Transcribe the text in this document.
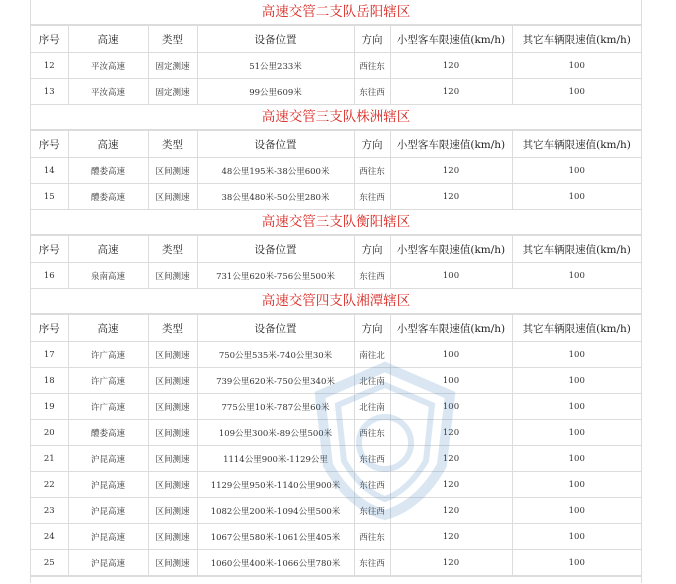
高速交管二支队岳阳辖区
序号	高速	类型	设备位置	方向	小型客车限速值(km/h)	其它车辆限速值(km/h)
12	平汝高速	固定测速	51公里233米	西往东	120	100
13	平汝高速	固定测速	99公里609米	东往西	120	100
高速交管三支队株洲辖区
序号	高速	类型	设备位置	方向	小型客车限速值(km/h)	其它车辆限速值(km/h)
14	醴娄高速	区间测速	48公里195米-38公里600米	西往东	120	100
15	醴娄高速	区间测速	38公里480米-50公里280米	东往西	120	100
高速交管三支队衡阳辖区
序号	高速	类型	设备位置	方向	小型客车限速值(km/h)	其它车辆限速值(km/h)
16	泉南高速	区间测速	731公里620米-756公里500米	东往西	100	100
高速交管四支队湘潭辖区
序号	高速	类型	设备位置	方向	小型客车限速值(km/h)	其它车辆限速值(km/h)
17	许广高速	区间测速	750公里535米-740公里30米	南往北	100	100
18	许广高速	区间测速	739公里620米-750公里340米	北往南	100	100
19	许广高速	区间测速	775公里10米-787公里60米	北往南	100	100
20	醴娄高速	区间测速	109公里300米-89公里500米	西往东	120	100
21	沪昆高速	区间测速	1114公里900米-1129公里	东往西	120	100
22	沪昆高速	区间测速	1129公里950米-1140公里900米	东往西	120	100
23	沪昆高速	区间测速	1082公里200米-1094公里500米	东往西	120	100
24	沪昆高速	区间测速	1067公里580米-1061公里405米	西往东	120	100
25	沪昆高速	区间测速	1060公里400米-1066公里780米	东往西	120	100
